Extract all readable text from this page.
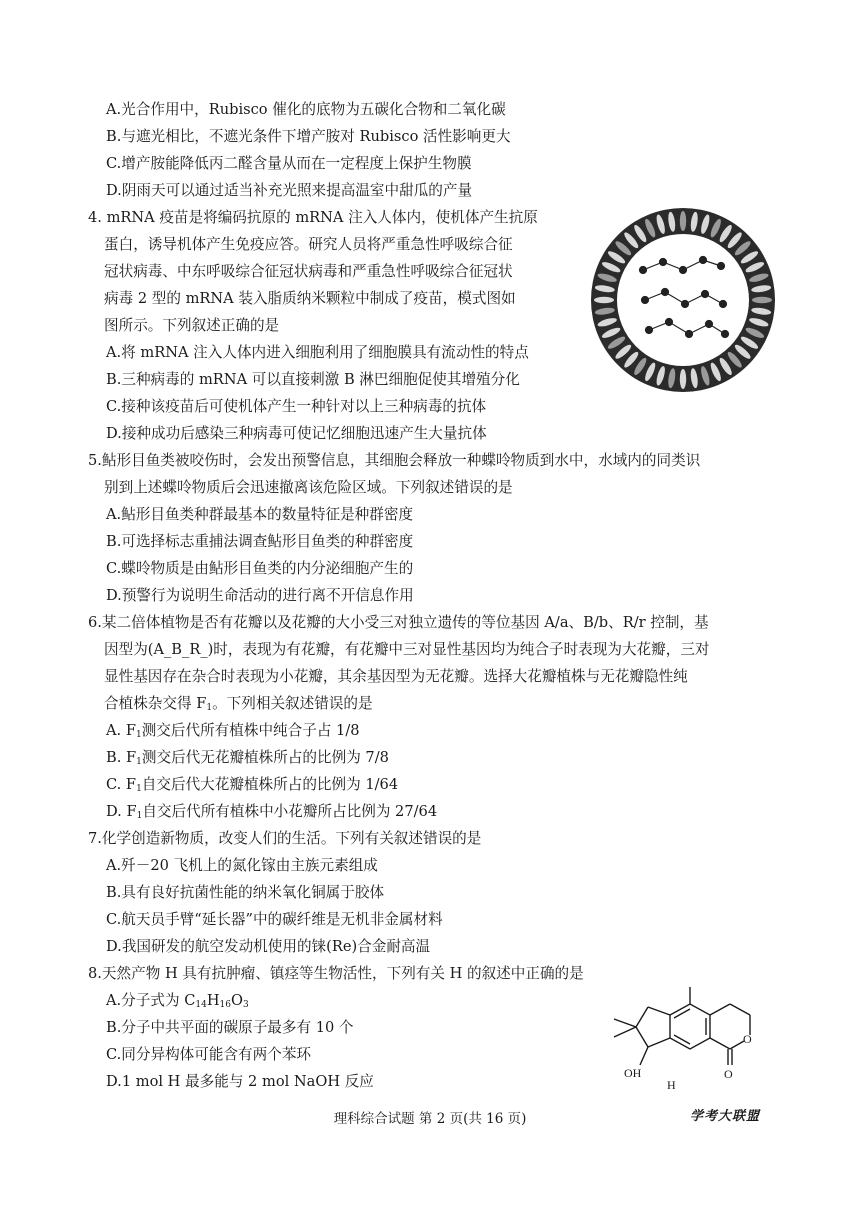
A.光合作用中，Rubisco 催化的底物为五碳化合物和二氧化碳
B.与遮光相比，不遮光条件下增产胺对 Rubisco 活性影响更大
C.增产胺能降低丙二醛含量从而在一定程度上保护生物膜
D.阴雨天可以通过适当补充光照来提高温室中甜瓜的产量
4. mRNA 疫苗是将编码抗原的 mRNA 注入人体内，使机体产生抗原
蛋白，诱导机体产生免疫应答。研究人员将严重急性呼吸综合征
冠状病毒、中东呼吸综合征冠状病毒和严重急性呼吸综合征冠状
病毒 2 型的 mRNA 装入脂质纳米颗粒中制成了疫苗，模式图如
图所示。下列叙述正确的是
A.将 mRNA 注入人体内进入细胞利用了细胞膜具有流动性的特点
B.三种病毒的 mRNA 可以直接刺激 B 淋巴细胞促使其增殖分化
C.接种该疫苗后可使机体产生一种针对以上三种病毒的抗体
D.接种成功后感染三种病毒可使记忆细胞迅速产生大量抗体
5.鲇形目鱼类被咬伤时，会发出预警信息，其细胞会释放一种蝶呤物质到水中，水域内的同类识
别到上述蝶呤物质后会迅速撤离该危险区域。下列叙述错误的是
A.鲇形目鱼类种群最基本的数量特征是种群密度
B.可选择标志重捕法调查鲇形目鱼类的种群密度
C.蝶呤物质是由鲇形目鱼类的内分泌细胞产生的
D.预警行为说明生命活动的进行离不开信息作用
6.某二倍体植物是否有花瓣以及花瓣的大小受三对独立遗传的等位基因 A/a、B/b、R/r 控制，基
因型为(A_B_R_)时，表现为有花瓣，有花瓣中三对显性基因均为纯合子时表现为大花瓣，三对
显性基因存在杂合时表现为小花瓣，其余基因型为无花瓣。选择大花瓣植株与无花瓣隐性纯
合植株杂交得 $F_1$。下列相关叙述错误的是
A. $F_1$测交后代所有植株中纯合子占 1/8
B. $F_1$测交后代无花瓣植株所占的比例为 7/8
C. $F_1$自交后代大花瓣植株所占的比例为 1/64
D. $F_1$自交后代所有植株中小花瓣所占比例为 27/64
7.化学创造新物质，改变人们的生活。下列有关叙述错误的是
A.歼－20 飞机上的氮化镓由主族元素组成
B.具有良好抗菌性能的纳米氧化铜属于胶体
C.航天员手臂“延长器”中的碳纤维是无机非金属材料
D.我国研发的航空发动机使用的铼(Re)合金耐高温
8.天然产物 H 具有抗肿瘤、镇痉等生物活性，下列有关 H 的叙述中正确的是
A.分子式为 $C_{14}H_{16}O_3$
B.分子中共平面的碳原子最多有 10 个
C.同分异构体可能含有两个苯环
D.1 mol H 最多能与 2 mol NaOH 反应
O
O
OH
H
理科综合试题 第 2 页(共 16 页)	学考大联盟
